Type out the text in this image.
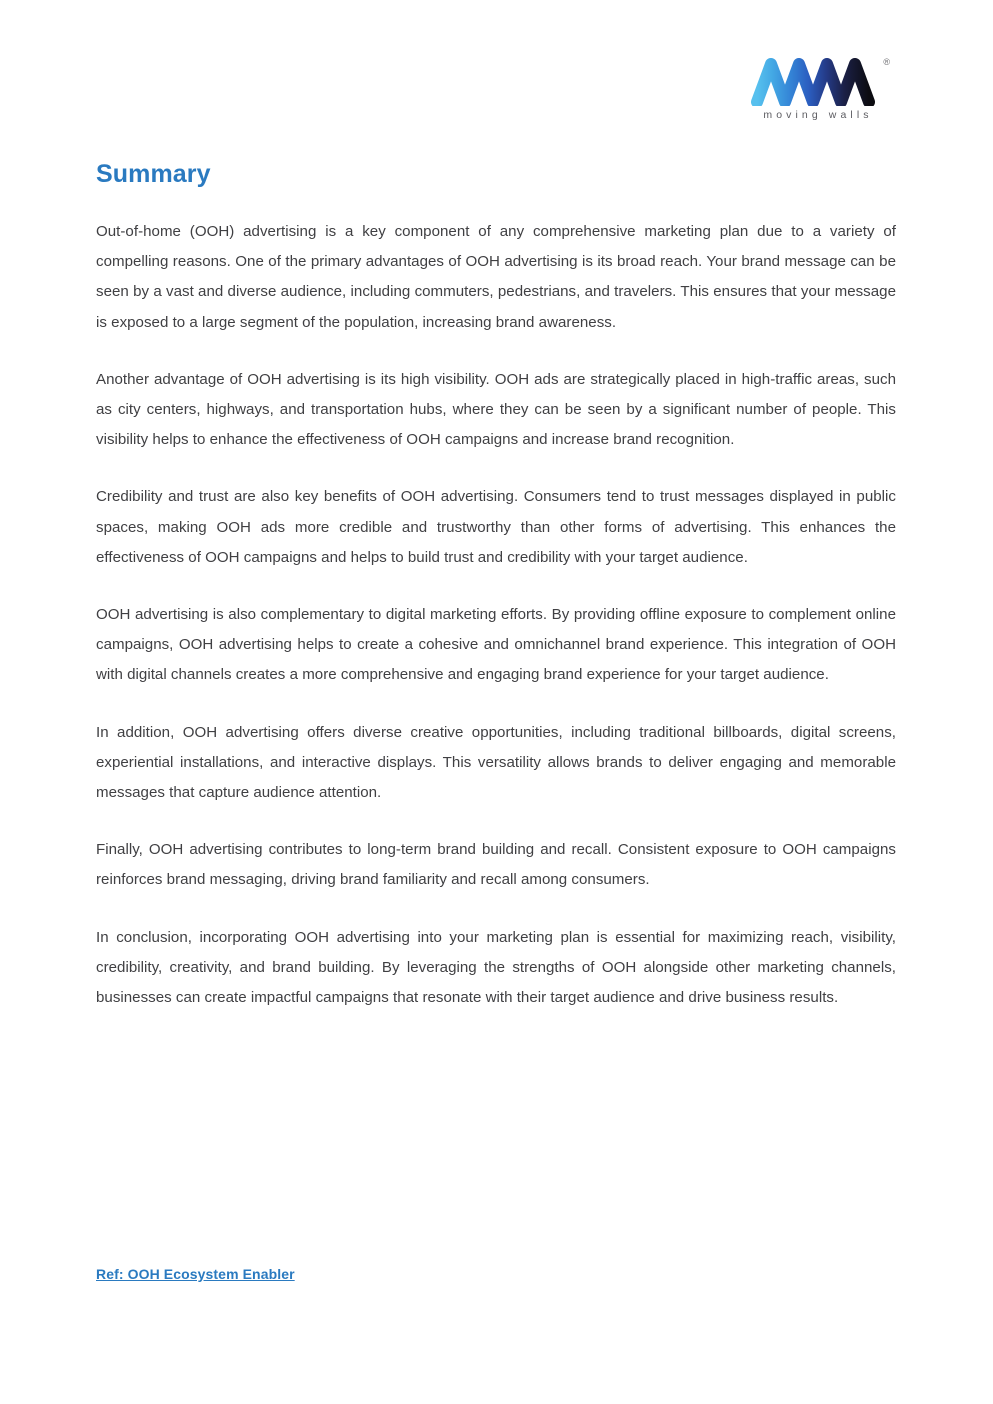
®
moving walls
Summary

Out-of-home (OOH) advertising is a key component of any comprehensive marketing plan due to a variety of compelling reasons. One of the primary advantages of OOH advertising is its broad reach. Your brand message can be seen by a vast and diverse audience, including commuters, pedestrians, and travelers. This ensures that your message is exposed to a large segment of the population, increasing brand awareness.

Another advantage of OOH advertising is its high visibility. OOH ads are strategically placed in high-traffic areas, such as city centers, highways, and transportation hubs, where they can be seen by a significant number of people. This visibility helps to enhance the effectiveness of OOH campaigns and increase brand recognition.

Credibility and trust are also key benefits of OOH advertising. Consumers tend to trust messages displayed in public spaces, making OOH ads more credible and trustworthy than other forms of advertising. This enhances the effectiveness of OOH campaigns and helps to build trust and credibility with your target audience.

OOH advertising is also complementary to digital marketing efforts. By providing offline exposure to complement online campaigns, OOH advertising helps to create a cohesive and omnichannel brand experience. This integration of OOH with digital channels creates a more comprehensive and engaging brand experience for your target audience.

In addition, OOH advertising offers diverse creative opportunities, including traditional billboards, digital screens, experiential installations, and interactive displays. This versatility allows brands to deliver engaging and memorable messages that capture audience attention.

Finally, OOH advertising contributes to long-term brand building and recall. Consistent exposure to OOH campaigns reinforces brand messaging, driving brand familiarity and recall among consumers.

In conclusion, incorporating OOH advertising into your marketing plan is essential for maximizing reach, visibility, credibility, creativity, and brand building. By leveraging the strengths of OOH alongside other marketing channels, businesses can create impactful campaigns that resonate with their target audience and drive business results.

Ref: OOH Ecosystem Enabler
